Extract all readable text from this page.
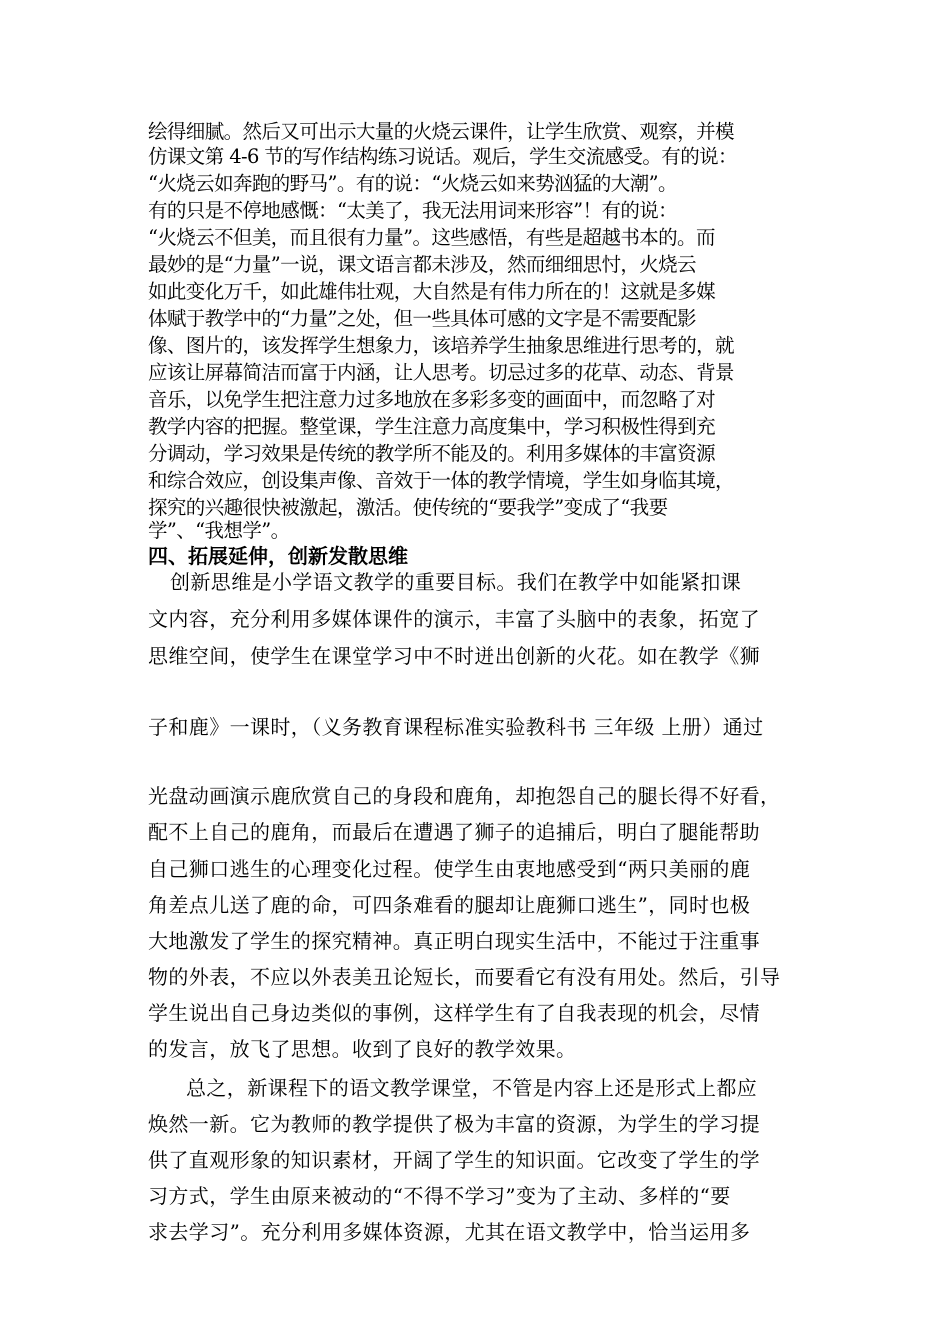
绘得细腻。然后又可出示大量的火烧云课件，让学生欣赏、观察，并模
仿课文第 4-6 节的写作结构练习说话。观后，学生交流感受。有的说：
“火烧云如奔跑的野马”。有的说：“火烧云如来势汹猛的大潮”。
有的只是不停地感慨：“太美了，我无法用词来形容”！有的说：
“火烧云不但美，而且很有力量”。这些感悟，有些是超越书本的。而
最妙的是“力量”一说，课文语言都未涉及，然而细细思忖，火烧云
如此变化万千，如此雄伟壮观，大自然是有伟力所在的！这就是多媒
体赋于教学中的“力量”之处，但一些具体可感的文字是不需要配影
像、图片的，该发挥学生想象力，该培养学生抽象思维进行思考的，就
应该让屏幕简洁而富于内涵，让人思考。切忌过多的花草、动态、背景
音乐，以免学生把注意力过多地放在多彩多变的画面中，而忽略了对
教学内容的把握。整堂课，学生注意力高度集中，学习积极性得到充
分调动，学习效果是传统的教学所不能及的。利用多媒体的丰富资源
和综合效应，创设集声像、音效于一体的教学情境，学生如身临其境，
探究的兴趣很快被激起，激活。使传统的“要我学”变成了“我要
学”、“我想学”。
四、拓展延伸，创新发散思维
创新思维是小学语文教学的重要目标。我们在教学中如能紧扣课
文内容，充分利用多媒体课件的演示，丰富了头脑中的表象，拓宽了
思维空间，使学生在课堂学习中不时迸出创新的火花。如在教学《狮
子和鹿》一课时，（义务教育课程标准实验教科书 三年级 上册）通过
光盘动画演示鹿欣赏自己的身段和鹿角，却抱怨自己的腿长得不好看，
配不上自己的鹿角，而最后在遭遇了狮子的追捕后，明白了腿能帮助
自己狮口逃生的心理变化过程。使学生由衷地感受到“两只美丽的鹿
角差点儿送了鹿的命，可四条难看的腿却让鹿狮口逃生”，同时也极
大地激发了学生的探究精神。真正明白现实生活中，不能过于注重事
物的外表，不应以外表美丑论短长，而要看它有没有用处。然后，引导
学生说出自己身边类似的事例，这样学生有了自我表现的机会，尽情
的发言，放飞了思想。收到了良好的教学效果。
总之，新课程下的语文教学课堂，不管是内容上还是形式上都应
焕然一新。它为教师的教学提供了极为丰富的资源，为学生的学习提
供了直观形象的知识素材，开阔了学生的知识面。它改变了学生的学
习方式，学生由原来被动的“不得不学习”变为了主动、多样的“要
求去学习”。充分利用多媒体资源，尤其在语文教学中，恰当运用多
